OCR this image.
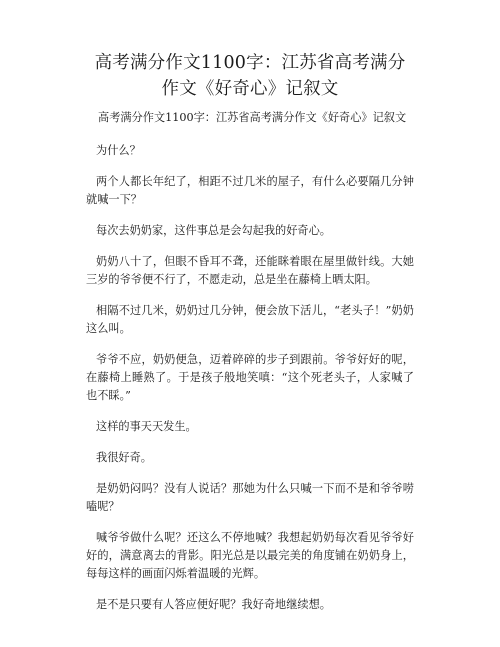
高考满分作文1100字：江苏省高考满分作文《好奇心》记叙文
高考满分作文1100字：江苏省高考满分作文《好奇心》记叙文

为什么？

两个人都长年纪了，相距不过几米的屋子，有什么必要隔几分钟就喊一下？

每次去奶奶家，这件事总是会勾起我的好奇心。

奶奶八十了，但眼不昏耳不聋，还能眯着眼在屋里做针线。大她三岁的爷爷便不行了，不愿走动，总是坐在藤椅上晒太阳。

相隔不过几米，奶奶过几分钟，便会放下活儿，“老头子！”奶奶这么叫。

爷爷不应，奶奶便急，迈着碎碎的步子到跟前。爷爷好好的呢，在藤椅上睡熟了。于是孩子般地笑嗔：“这个死老头子，人家喊了也不睬。”

这样的事天天发生。

我很好奇。

是奶奶闷吗？没有人说话？那她为什么只喊一下而不是和爷爷唠嗑呢？

喊爷爷做什么呢？还这么不停地喊？我想起奶奶每次看见爷爷好好的，满意离去的背影。阳光总是以最完美的角度铺在奶奶身上，每每这样的画面闪烁着温暖的光辉。

是不是只要有人答应便好呢？我好奇地继续想。
